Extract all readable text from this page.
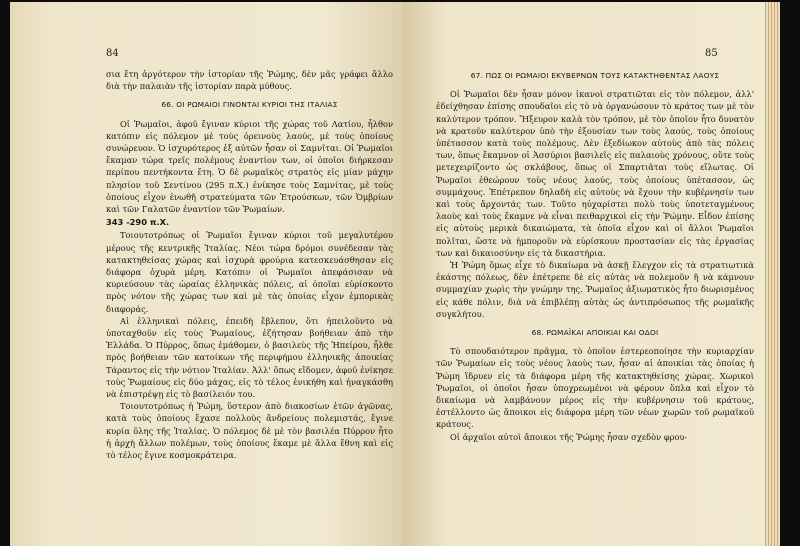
84

σια ἔτη ἀργότερον τὴν ἱστορίαν τῆς Ῥώμης, δὲν μᾶς γράφει ἄλλο διὰ τὴν παλαιὰν τῆς ἱστορίαν παρὰ μύθους.

66. ΟΙ ΡΩΜΑΙΟΙ ΓΙΝΟΝΤΑΙ ΚΥΡΙΟΙ ΤΗΣ ΙΤΑΛΙΑΣ

Οἱ Ῥωμαῖοι, ἀφοῦ ἔγιναν κύριοι τῆς χώρας τοῦ Λατίου, ἦλθον κατόπιν εἰς πόλεμον μὲ τοὺς ὀρεινοὺς λαούς, μὲ τοὺς ὁποίους συνώρευον. Ὁ ἰσχυρότερος ἐξ αὐτῶν ἦσαν οἱ Σαμνῖται. Οἱ Ῥωμαῖοι ἔκαμαν τώρα τρεῖς πολέμους ἐναντίον των, οἱ ὁποῖοι διήρκεσαν περίπου πεντήκοντα ἔτη. Ὁ δὲ ρωμαϊκὸς στρατὸς εἰς μίαν μάχην πλησίον τοῦ Σεντίνου (295 π.Χ.) ἐνίκησε τοὺς Σαμνίτας, μὲ τοὺς ὁποίους εἶχον ἑνωθῆ στρατεύματα τῶν Ἐτρούσκων, τῶν Ὀμβρίων καὶ τῶν Γαλατῶν ἐναντίον τῶν Ῥωμαίων.

343 -290 π.Χ.

Τοιουτοτρόπως οἱ Ῥωμαῖοι ἔγιναν κύριοι τοῦ μεγαλυτέρου μέρους τῆς κεντρικῆς Ἰταλίας. Νέοι τώρα δρόμοι συνέδεσαν τὰς κατακτηθείσας χώρας καὶ ἰσχυρὰ φρούρια κατεσκευάσθησαν εἰς διάφορα ὀχυρὰ μέρη. Κατόπιν οἱ Ῥωμαῖοι ἀπεφάσισαν νὰ κυριεύσουν τὰς ὡραίας ἑλληνικὰς πόλεις, αἱ ὁποῖαι εὑρίσκοντο πρὸς νότον τῆς χώρας των καὶ μὲ τὰς ὁποίας εἶχον ἐμπορικὰς διαφοράς.

Αἱ ἑλληνικαὶ πόλεις, ἐπειδὴ ἔβλεπον, ὅτι ἠπειλοῦντο νὰ ὑποταχθοῦν εἰς τοὺς Ῥωμαίους, ἐζήτησαν βοήθειαν ἀπὸ τὴν Ἑλλάδα. Ὁ Πύρρος, ὅπως ἐμάθομεν, ὁ βασιλεὺς τῆς Ἠπείρου, ἦλθε πρὸς βοήθειαν τῶν κατοίκων τῆς περιφήμου ἑλληνικῆς ἀποικίας Τάραντος εἰς τὴν νότιον Ἰταλίαν. Ἀλλ' ὅπως εἴδομεν, ἀφοῦ ἐνίκησε τοὺς Ῥωμαίους εἰς δύο μάχας, εἰς τὸ τέλος ἐνικήθη καὶ ἠναγκάσθη νὰ ἐπιστρέψῃ εἰς τὸ βασίλειόν του.

Τοιουτοτρόπως ἡ Ῥώμη, ὕστερον ἀπὸ διακοσίων ἐτῶν ἀγῶνας, κατὰ τοὺς ὁποίους ἔχασε πολλοὺς ἄνδρείους πολεμιστάς, ἔγινε κυρία ὅλης τῆς Ἰταλίας. Ὁ πόλεμος δὲ μὲ τὸν βασιλέα Πύρρον ἦτο ἡ ἀρχὴ ἄλλων πολέμων, τοὺς ὁποίους ἔκαμε μὲ ἄλλα ἔθνη καὶ εἰς τὸ τέλος ἔγινε κοσμοκράτειρα.

85
67. ΠΩΣ ΟΙ ΡΩΜΑΙΟΙ ΕΚΥΒΕΡΝΩΝ ΤΟΥΣ ΚΑΤΑΚΤΗΘΕΝΤΑΣ ΛΑΟΥΣ

Οἱ Ῥωμαῖοι δὲν ἦσαν μόνον ἱκανοὶ στρατιῶται εἰς τὸν πόλεμον, ἀλλ' ἐδείχθησαν ἐπίσης σπουδαῖοι εἰς τὸ νὰ ὀργανώσουν τὸ κράτος των μὲ τὸν καλύτερον τρόπον. Ἤξευρον καλὰ τὸν τρόπον, μὲ τὸν ὁποῖον ἦτο δυνατὸν νὰ κρατοῦν καλύτερον ὑπὸ τὴν ἐξουσίαν των τοὺς λαούς, τοὺς ὁποίους ὑπέτασσον κατὰ τοὺς πολέμους. Δὲν ἐξεδίωκον αὐτοὺς ἀπὸ τὰς πόλεις των, ὅπως ἔκαμνον οἱ Ἀσσύριοι βασιλεῖς εἰς παλαιοὺς χρόνους, οὔτε τοὺς μετεχειρίζοντο ὡς σκλάβους, ὅπως οἱ Σπαρτιᾶται τοὺς εἵλωτας. Οἱ Ῥωμαῖοι ἐθεώρουν τοὺς νέους λαούς, τοὺς ὁποίους ὑπέτασσον, ὡς συμμάχους. Ἐπέτρεπον δηλαδὴ εἰς αὐτοὺς νὰ ἔχουν τὴν κυβέρνησίν των καὶ τοὺς ἄρχοντάς των. Τοῦτο ηὐχαρίστει πολὺ τοὺς ὑποτεταγμένους λαοὺς καὶ τοὺς ἔκαμνε νὰ εἶναι πειθαρχικοὶ εἰς τὴν Ῥώμην. Εἶδον ἐπίσης εἰς αὐτοὺς μερικὰ δικαιώματα, τὰ ὁποῖα εἶχον καὶ οἱ ἄλλοι Ῥωμαῖοι πολῖται, ὥστε νὰ ἠμποροῦν νὰ εὑρίσκουν προστασίαν εἰς τὰς ἐργασίας των καὶ δικαιοσύνην εἰς τὰ δικαστήρια.

Ἡ Ῥώμη ὅμως εἶχε τὸ δικαίωμα νὰ ἀσκῇ ἔλεγχον εἰς τὰ στρατιωτικὰ ἑκάστης πόλεως, δὲν ἐπέτρεπε δὲ εἰς αὐτὰς νὰ πολεμοῦν ἢ νὰ κάμνουν συμμαχίαν χωρὶς τὴν γνώμην της. Ῥωμαῖος ἀξιωματικὸς ἦτο διωρισμένος εἰς κάθε πόλιν, διὰ νὰ ἐπιβλέπῃ αὐτὰς ὡς ἀντιπρόσωπος τῆς ρωμαϊκῆς συγκλήτου.

68. ΡΩΜΑΪΚΑΙ ΑΠΟΙΚΙΑΙ ΚΑΙ ΟΔΟΙ

Τὸ σπουδαιότερον πρᾶγμα, τὸ ὁποῖον ἐστερεοποίησε τὴν κυριαρχίαν τῶν Ῥωμαίων εἰς τοὺς νέους λαοὺς των, ἦσαν αἱ ἀποικίαι τὰς ὁποίας ἡ Ῥώμη ἵδρυεν εἰς τὰ διάφορα μέρη τῆς κατακτηθείσης χώρας. Χωρικοὶ Ῥωμαῖοι, οἱ ὁποῖοι ἦσαν ὑποχρεωμένοι νὰ φέρουν ὅπλα καὶ εἶχον τὸ δικαίωμα νὰ λαμβάνουν μέρος εἰς τὴν κυβέρνησιν τοῦ κράτους, ἐστέλλοντο ὡς ἄποικοι εἰς διάφορα μέρη τῶν νέων χωρῶν τοῦ ρωμαϊκοῦ κράτους.

Οἱ ἀρχαῖοι αὐτοὶ ἄποικοι τῆς Ῥώμης ἦσαν σχεδὸν φρου-
